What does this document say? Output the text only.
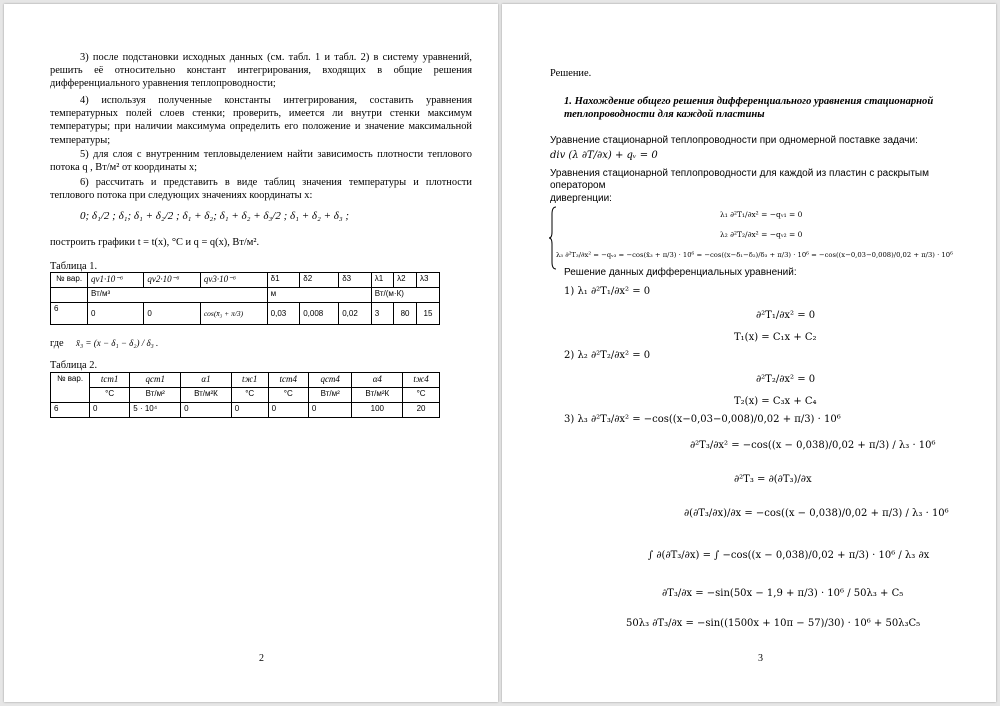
3) после подстановки исходных данных (см. табл. 1 и табл. 2) в систему уравнений, решить её относительно констант интегрирования, входящих в общие решения дифференциального уравнения теплопроводности;
4) используя полученные константы интегрирования, составить уравнения температурных полей слоев стенки; проверить, имеется ли внутри стенки максимум температуры; при наличии максимума определить его положение и значение максимальной температуры;
5) для слоя с внутренним тепловыделением найти зависимость плотности теплового потока q , Вт/м² от координаты x;
6) рассчитать и представить в виде таблиц значения температуры и плотности теплового потока при следующих значениях координаты x:
0; δ₁/2 ; δ₁; δ₁ + δ₂/2 ; δ₁ + δ₂; δ₁ + δ₂ + δ₃/2 ; δ₁ + δ₂ + δ₃ ;
построить графики t = t(x), °C и q = q(x), Вт/м².
Таблица 1.
№ вар.	qv1·10⁻⁶	qv2·10⁻⁶	qv3·10⁻⁶	δ1	δ2	δ3	λ1	λ2	λ3
	Вт/м³			м			Вт/(м·К)		
6	0	0	cos(x̄₃ + π/3)	0,03	0,008	0,02	3	80	15
где x̄₃ = (x − δ₁ − δ₂) / δ₃ .
Таблица 2.
№ вар.	tст1	qст1	α1	tж1	tст4	qст4	α4	tж4
	°С	Вт/м²	Вт/м²К	°С	°С	Вт/м²	Вт/м²К	°С
6	0	5 · 10⁴	0	0	0	0	100	20
2
Решение.
1. Нахождение общего решения дифференциального уравнения стационарной теплопроводности для каждой пластины
Уравнение стационарной теплопроводности при одномерной поставке задачи:
div (λ ∂T/∂x) + qᵥ = 0
Уравнения стационарной теплопроводности для каждой из пластин с раскрытым оператором
дивергенции:
λ₁ ∂²T₁/∂x² = −qᵥ₁ = 0
λ₂ ∂²T₂/∂x² = −qᵥ₂ = 0
λ₃ ∂²T₃/∂x² = −qᵥ₃ = −cos(x̄₃ + π/3) · 10⁶ = −cos((x−δ₁−δ₂)/δ₃ + π/3) · 10⁶ = −cos((x−0,03−0,008)/0,02 + π/3) · 10⁶
Решение данных дифференциальных уравнений:
1) λ₁ ∂²T₁/∂x² = 0
∂²T₁/∂x² = 0
T₁(x) = C₁x + C₂
2) λ₂ ∂²T₂/∂x² = 0
∂²T₂/∂x² = 0
T₂(x) = C₃x + C₄
3) λ₃ ∂²T₃/∂x² = −cos((x−0,03−0,008)/0,02 + π/3) · 10⁶
∂²T₃/∂x² = −cos((x − 0,038)/0,02 + π/3) / λ₃ · 10⁶
∂²T₃ = ∂(∂T₃)/∂x
∂(∂T₃/∂x)/∂x = −cos((x − 0,038)/0,02 + π/3) / λ₃ · 10⁶
∫ ∂(∂T₃/∂x) = ∫ −cos((x − 0,038)/0,02 + π/3) · 10⁶ / λ₃ ∂x
∂T₃/∂x = −sin(50x − 1,9 + π/3) · 10⁶ / 50λ₃ + C₅
50λ₃ ∂T₃/∂x = −sin((1500x + 10π − 57)/30) · 10⁶ + 50λ₃C₅
3
